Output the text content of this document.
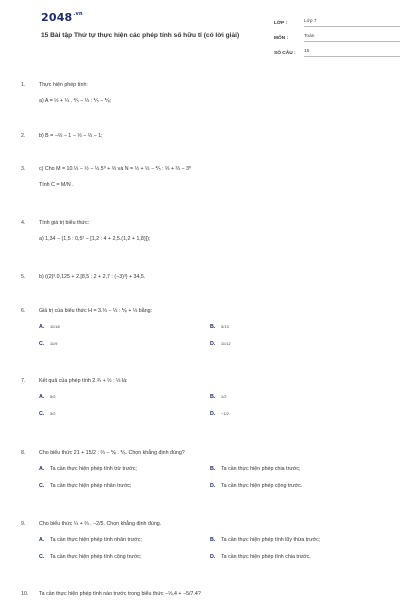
$2048^{.vn}$
15 Bài tập Thứ tự thực hiện các phép tính số hữu tỉ (có lời giải)
LỚP :	Lớp 7
MÔN :	Toán
SỐ CÂU :	15
1.	Thực hiện phép tính:
a) A = ½ + ¼ . ⅘ − ⅓ : ⅕ − ⅙;
2.	b) B = −⅔ − 1 − ⅓ − ⅔ − 1;
3.	c) Cho M = 10.⅓ − ½ − ⅓.5⁰ + ⅔ và N = ½ + ⅓ − ⅖ : ⅔ + ⅔ − 3⁰
Tính C = M/N .
4.	Tính giá trị biểu thức:
a) 1,34 − (1,5 : 0,5² − [1,2 : 4 + 2,5.(1,2 + 1,8)]);
5.	b) ((2)³.0,125 + 2.[8,5 : 2 + 2,7 : (−3)³) + 34,5.
6.	Giá trị của biểu thức H = 3.⅓ − ⅓ : ⅙ + ⅓ bằng:
A.	11/18	B.	3/13
C.	11/9	D.	11/12
7.	Kết quả của phép tính 2.¾ + ½ : ⅓ là:
A.	5/2	B.	1/2
C.	3/2	D.	−1/2
8.	Cho biểu thức 21 + 15/2 : ⅔ − ⅙ . ⅙. Chọn khẳng định đúng?
A.	Ta cần thực hiện phép tính trừ trước;	B.	Ta cần thực hiện phép chia trước;
C.	Ta cần thực hiện phép nhân trước;	D.	Ta cần thực hiện phép cộng trước.
9.	Cho biểu thức ¼ + ⅔ . −2/5. Chọn khẳng định đúng.
A.	Ta cần thực hiện phép tính nhân trước;	B.	Ta cần thực hiện phép tính lũy thừa trước;
C.	Ta cần thực hiện phép tính cộng trước;	D.	Ta cần thực hiện phép tính chia trước.
10.	Ta cần thực hiện phép tính nào trước trong biểu thức −⅓.4 + −5/7.4?
